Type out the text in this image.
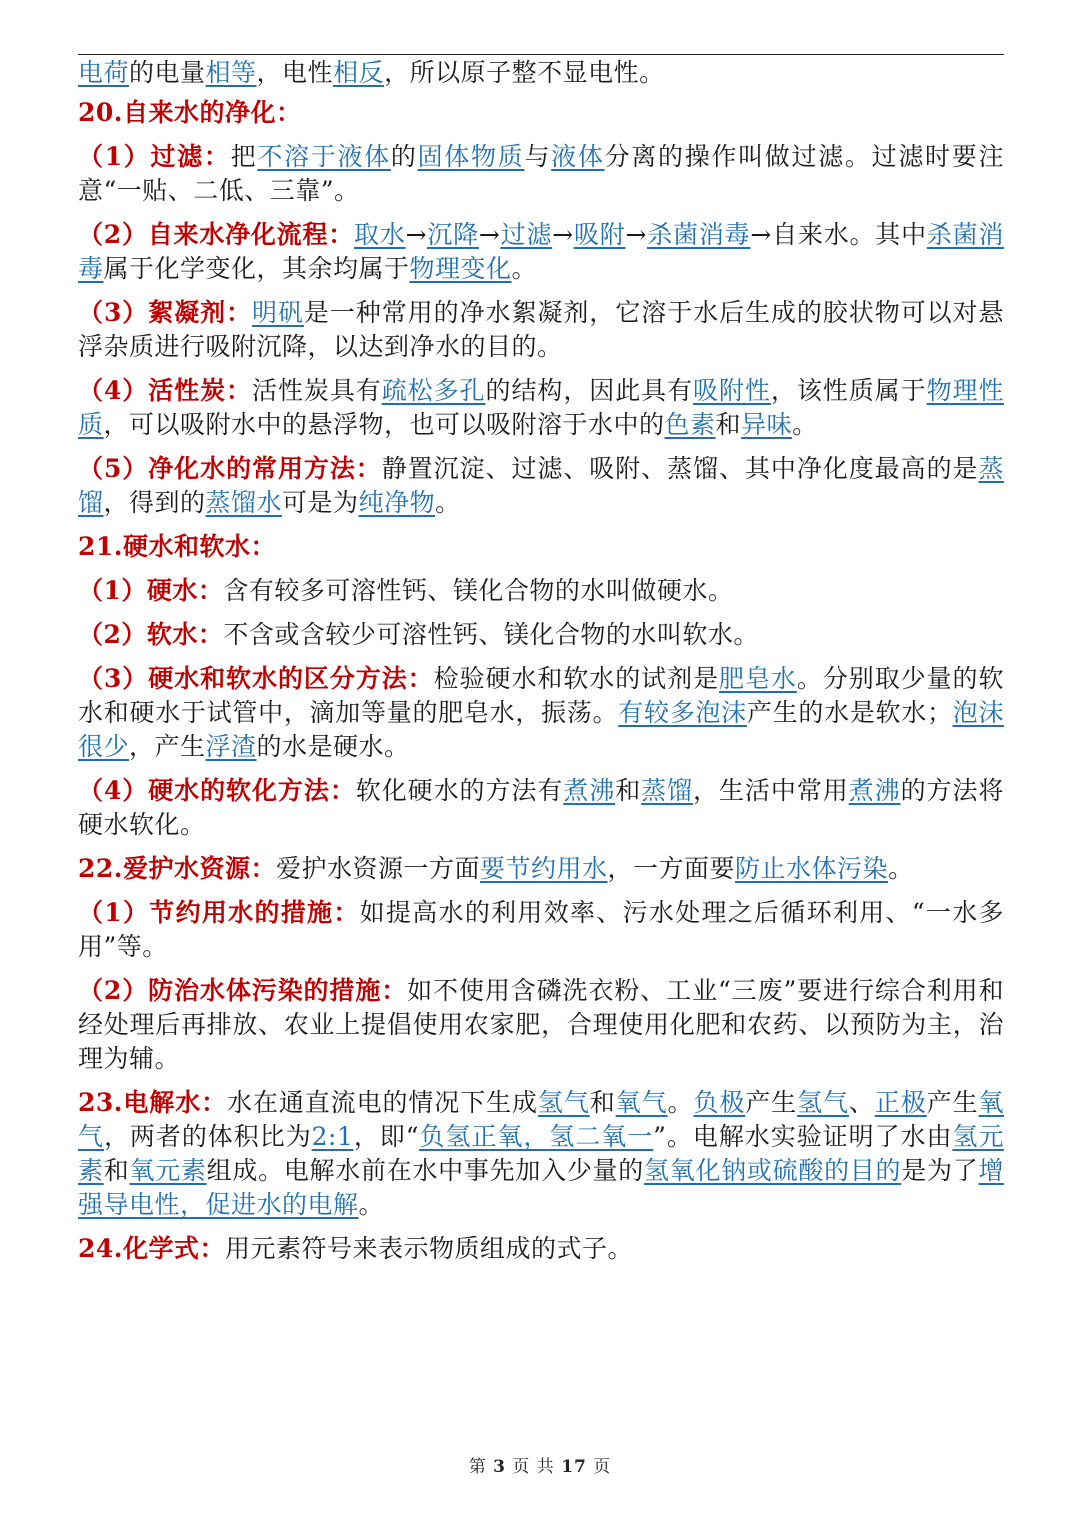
电荷的电量相等，电性相反，所以原子整不显电性。

20.自来水的净化：

（1）过滤：把不溶于液体的固体物质与液体分离的操作叫做过滤。过滤时要注意“一贴、二低、三靠”。

（2）自来水净化流程：取水→沉降→过滤→吸附→杀菌消毒→自来水。其中杀菌消毒属于化学变化，其余均属于物理变化。

（3）絮凝剂：明矾是一种常用的净水絮凝剂，它溶于水后生成的胶状物可以对悬浮杂质进行吸附沉降，以达到净水的目的。

（4）活性炭：活性炭具有疏松多孔的结构，因此具有吸附性，该性质属于物理性质，可以吸附水中的悬浮物，也可以吸附溶于水中的色素和异味。

（5）净化水的常用方法：静置沉淀、过滤、吸附、蒸馏、其中净化度最高的是蒸馏，得到的蒸馏水可是为纯净物。

21.硬水和软水：

（1）硬水：含有较多可溶性钙、镁化合物的水叫做硬水。

（2）软水：不含或含较少可溶性钙、镁化合物的水叫软水。

（3）硬水和软水的区分方法：检验硬水和软水的试剂是肥皂水。分别取少量的软水和硬水于试管中，滴加等量的肥皂水，振荡。有较多泡沫产生的水是软水；泡沫很少，产生浮渣的水是硬水。

（4）硬水的软化方法：软化硬水的方法有煮沸和蒸馏，生活中常用煮沸的方法将硬水软化。

22.爱护水资源：爱护水资源一方面要节约用水，一方面要防止水体污染。

（1）节约用水的措施：如提高水的利用效率、污水处理之后循环利用、“一水多用”等。

（2）防治水体污染的措施：如不使用含磷洗衣粉、工业“三废”要进行综合利用和经处理后再排放、农业上提倡使用农家肥，合理使用化肥和农药、以预防为主，治理为辅。

23.电解水：水在通直流电的情况下生成氢气和氧气。负极产生氢气、正极产生氧气，两者的体积比为2:1，即“负氢正氧，氢二氧一”。电解水实验证明了水由氢元素和氧元素组成。电解水前在水中事先加入少量的氢氧化钠或硫酸的目的是为了增强导电性，促进水的电解。

24.化学式：用元素符号来表示物质组成的式子。

第 3 页 共 17 页
